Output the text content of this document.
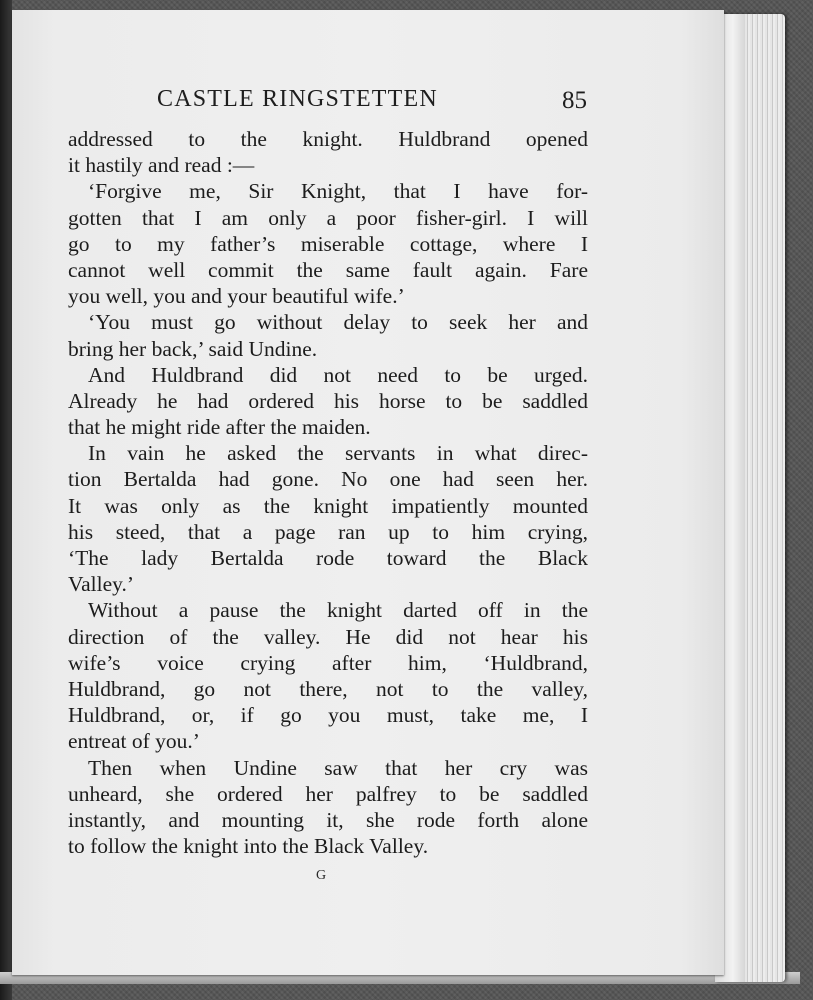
CASTLE RINGSTETTEN	85
addressed to the knight. Huldbrand opened
it hastily and read :—
‘Forgive me, Sir Knight, that I have for-
gotten that I am only a poor fisher-girl. I will
go to my father’s miserable cottage, where I
cannot well commit the same fault again. Fare
you well, you and your beautiful wife.’
‘You must go without delay to seek her and
bring her back,’ said Undine.
And Huldbrand did not need to be urged.
Already he had ordered his horse to be saddled
that he might ride after the maiden.
In vain he asked the servants in what direc-
tion Bertalda had gone. No one had seen her.
It was only as the knight impatiently mounted
his steed, that a page ran up to him crying,
‘The lady Bertalda rode toward the Black
Valley.’
Without a pause the knight darted off in the
direction of the valley. He did not hear his
wife’s voice crying after him, ‘Huldbrand,
Huldbrand, go not there, not to the valley,
Huldbrand, or, if go you must, take me, I
entreat of you.’
Then when Undine saw that her cry was
unheard, she ordered her palfrey to be saddled
instantly, and mounting it, she rode forth alone
to follow the knight into the Black Valley.
G
